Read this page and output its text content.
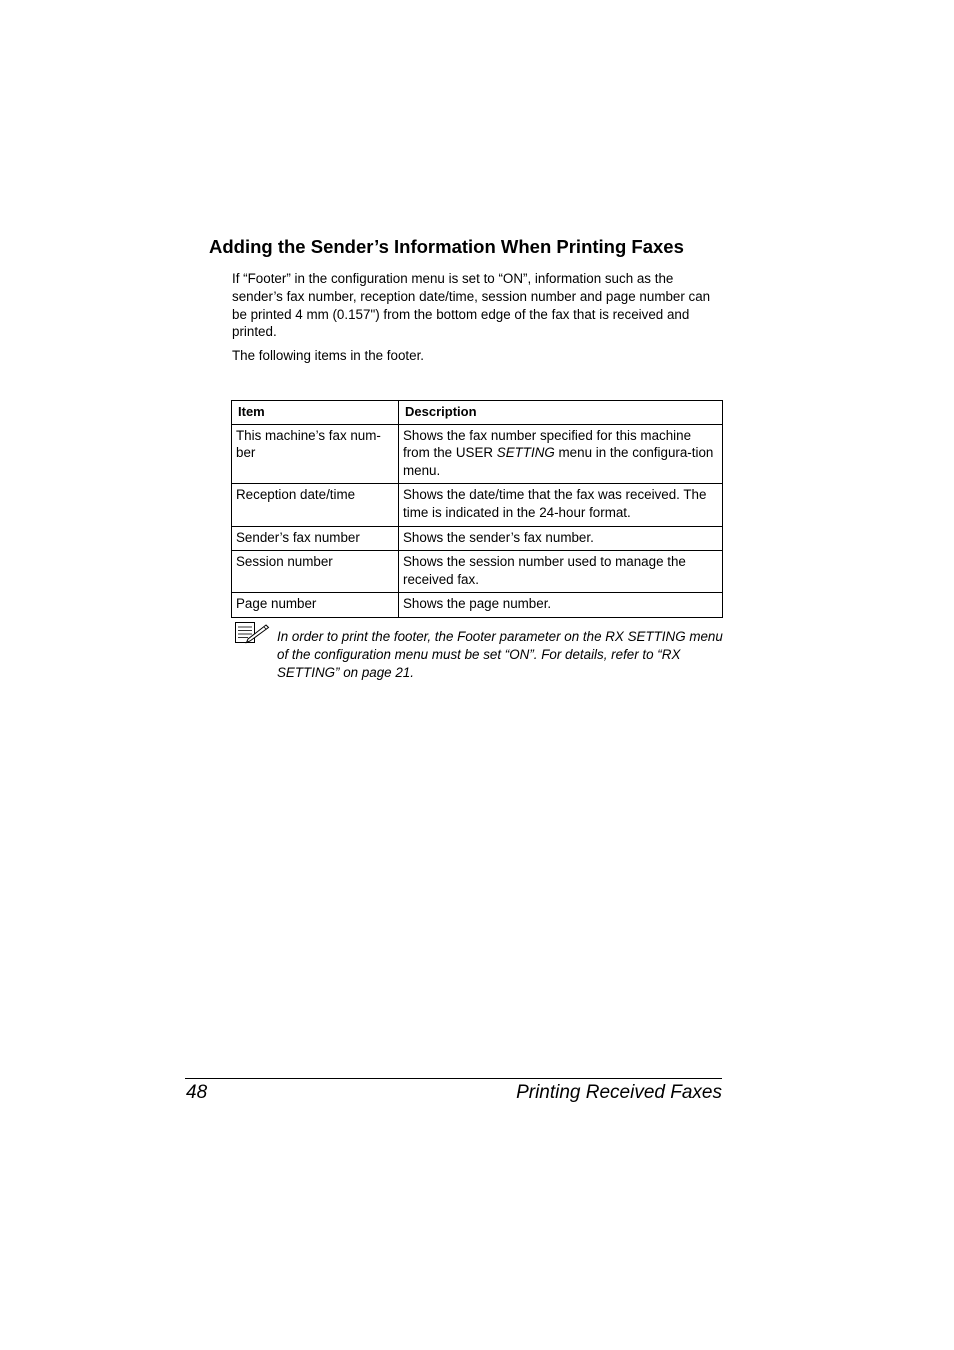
Adding the Sender’s Information When Printing Faxes

If “Footer” in the configuration menu is set to “ON”, information such as the sender’s fax number, reception date/time, session number and page number can be printed 4 mm (0.157") from the bottom edge of the fax that is received and printed.

The following items in the footer.

Item	Description
This machine’s fax num-ber	Shows the fax number specified for this machine from the USER SETTING menu in the configura-tion menu.
Reception date/time	Shows the date/time that the fax was received. The time is indicated in the 24-hour format.
Sender’s fax number	Shows the sender’s fax number.
Session number	Shows the session number used to manage the received fax.
Page number	Shows the page number.

In order to print the footer, the Footer parameter on the RX SETTING menu of the configuration menu must be set “ON”. For details, refer to “RX SETTING” on page 21.

48	Printing Received Faxes
